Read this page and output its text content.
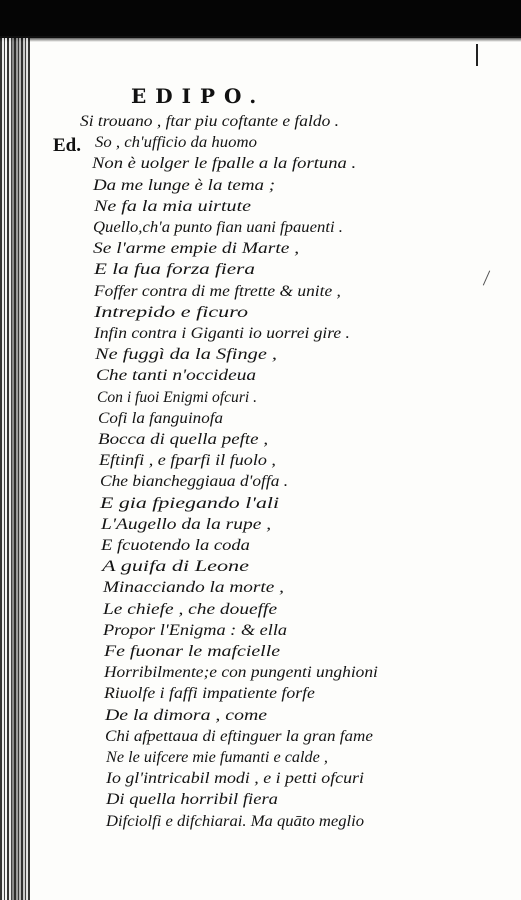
EDIPO.
Ed.
Si trouano , ftar piu coftante e faldo .
So , ch'ufficio da huomo
Non è uolger le fpalle a la fortuna .
Da me lunge è la tema ;
Ne fa la mia uirtute
Quello,ch'a punto fian uani fpauenti .
Se l'arme empie di Marte ,
E la fua forza fiera
Foffer contra di me ftrette & unite ,
Intrepido e ficuro
Infin contra i Giganti io uorrei gire .
Ne fuggì da la Sfinge ,
Che tanti n'occideua
Con i fuoi Enigmi ofcuri .
Cofi la fanguinofa
Bocca di quella pefte ,
Eftinfi , e fparfi il fuolo ,
Che biancheggiaua d'offa .
E gia fpiegando l'ali
L'Augello da la rupe ,
E fcuotendo la coda
A guifa di Leone
Minacciando la morte ,
Le chiefe , che doueffe
Propor l'Enigma : & ella
Fe fuonar le mafcielle
Horribilmente;e con pungenti unghioni
Riuolfe i faffi impatiente forfe
De la dimora , come
Chi afpettaua di eftinguer la gran fame
Ne le uifcere mie fumanti e calde ,
Io gl'intricabil modi , e i petti ofcuri
Di quella horribil fiera
Difciolfi e difchiarai. Ma quāto meglio
